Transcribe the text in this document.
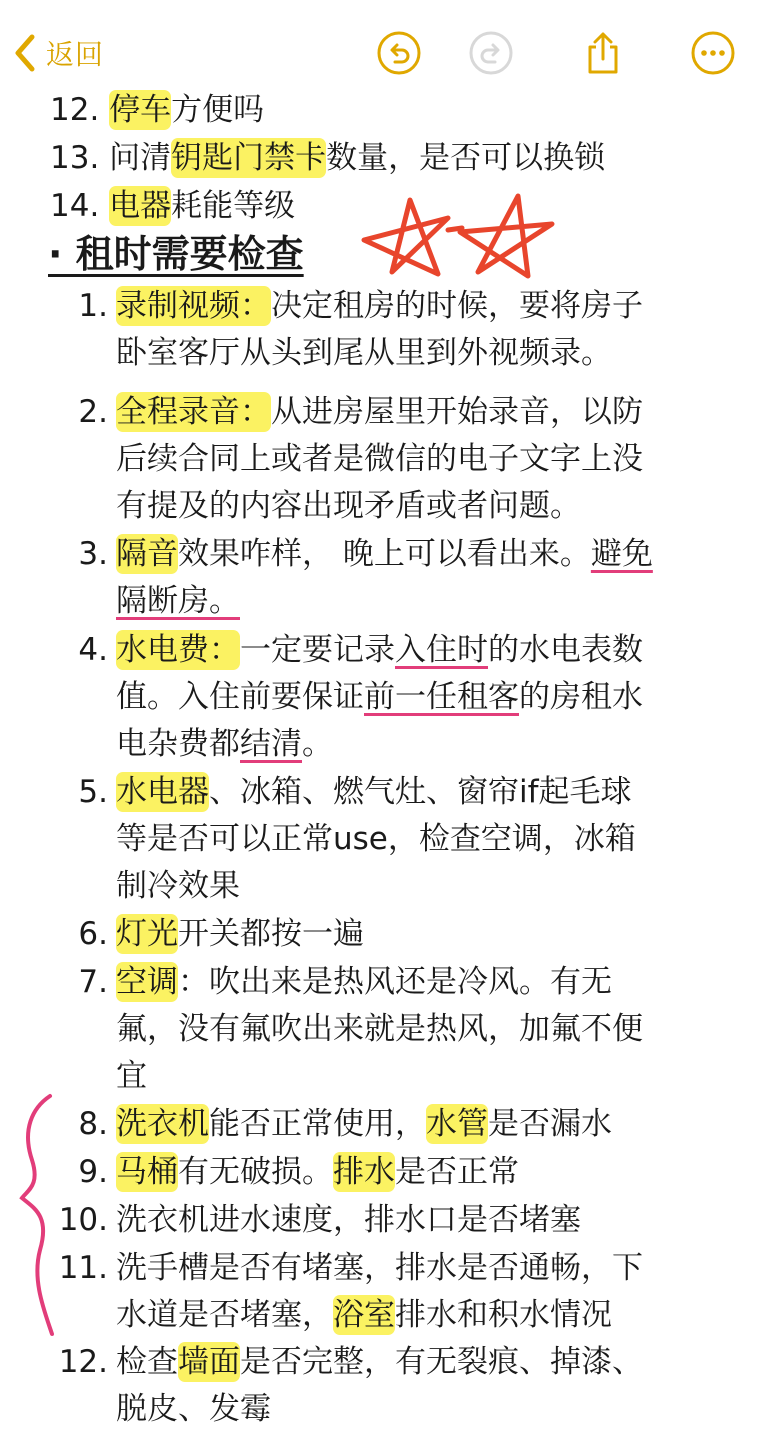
返回
12. 停车方便吗
13. 问清钥匙门禁卡数量，是否可以换锁
14. 电器耗能等级
· 租时需要检查
1. 录制视频：决定租房的时候，要将房子
卧室客厅从头到尾从里到外视频录。
2. 全程录音：从进房屋里开始录音，以防
后续合同上或者是微信的电子文字上没
有提及的内容出现矛盾或者问题。
3. 隔音效果咋样， 晚上可以看出来。避免
隔断房。
4. 水电费：一定要记录入住时的水电表数
值。入住前要保证前一任租客的房租水
电杂费都结清。
5. 水电器、冰箱、燃气灶、窗帘if起毛球
等是否可以正常use，检查空调，冰箱
制冷效果
6. 灯光开关都按一遍
7. 空调：吹出来是热风还是冷风。有无
氟，没有氟吹出来就是热风，加氟不便
宜
8. 洗衣机能否正常使用，水管是否漏水
9. 马桶有无破损。排水是否正常
10. 洗衣机进水速度，排水口是否堵塞
11. 洗手槽是否有堵塞，排水是否通畅，下
水道是否堵塞，浴室排水和积水情况
12. 检查墙面是否完整，有无裂痕、掉漆、
脱皮、发霉
